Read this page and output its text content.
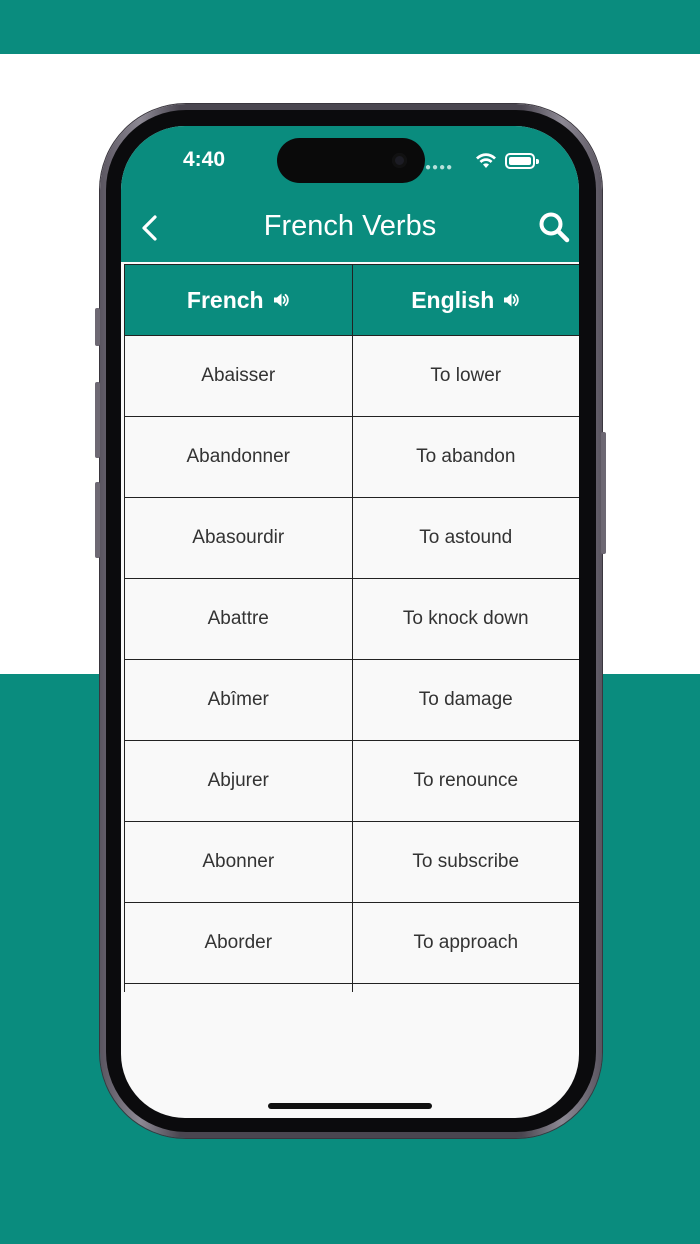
4:40	●●●●
French Verbs
French	English
Abaisser	To lower
Abandonner	To abandon
Abasourdir	To astound
Abattre	To knock down
Abîmer	To damage
Abjurer	To renounce
Abonner	To subscribe
Aborder	To approach
